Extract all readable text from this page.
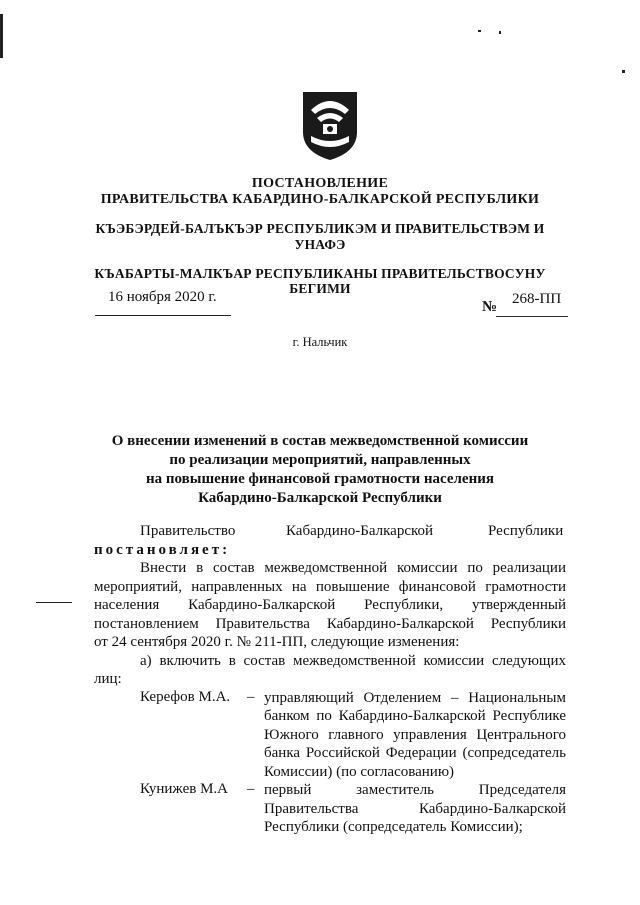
ПОСТАНОВЛЕНИЕ
ПРАВИТЕЛЬСТВА КАБАРДИНО-БАЛКАРСКОЙ РЕСПУБЛИКИ
КЪЭБЭРДЕЙ-БАЛЪКЪЭР РЕСПУБЛИКЭМ И ПРАВИТЕЛЬСТВЭМ И
УНАФЭ
КЪАБАРТЫ-МАЛКЪАР РЕСПУБЛИКАНЫ ПРАВИТЕЛЬСТВОСУНУ
БЕГИМИ
16 ноября 2020 г.
№ 268-ПП
г. Нальчик
О внесении изменений в состав межведомственной комиссии
по реализации мероприятий, направленных
на повышение финансовой грамотности населения
Кабардино-Балкарской Республики
Правительство	Кабардино-Балкарской	Республики
постановляет:
Внести в состав межведомственной комиссии по реализации
мероприятий, направленных на повышение финансовой грамотности
населения Кабардино-Балкарской Республики, утвержденный
постановлением Правительства Кабардино-Балкарской Республики
от 24 сентября 2020 г. № 211-ПП, следующие изменения:
а) включить в состав межведомственной комиссии следующих
лиц:
Керефов М.А. – управляющий Отделением – Национальным
банком по Кабардино-Балкарской Республике
Южного главного управления Центрального
банка Российской Федерации (сопредседатель
Комиссии) (по согласованию)
Кунижев М.А – первый заместитель Председателя
Правительства Кабардино-Балкарской
Республики (сопредседатель Комиссии);
